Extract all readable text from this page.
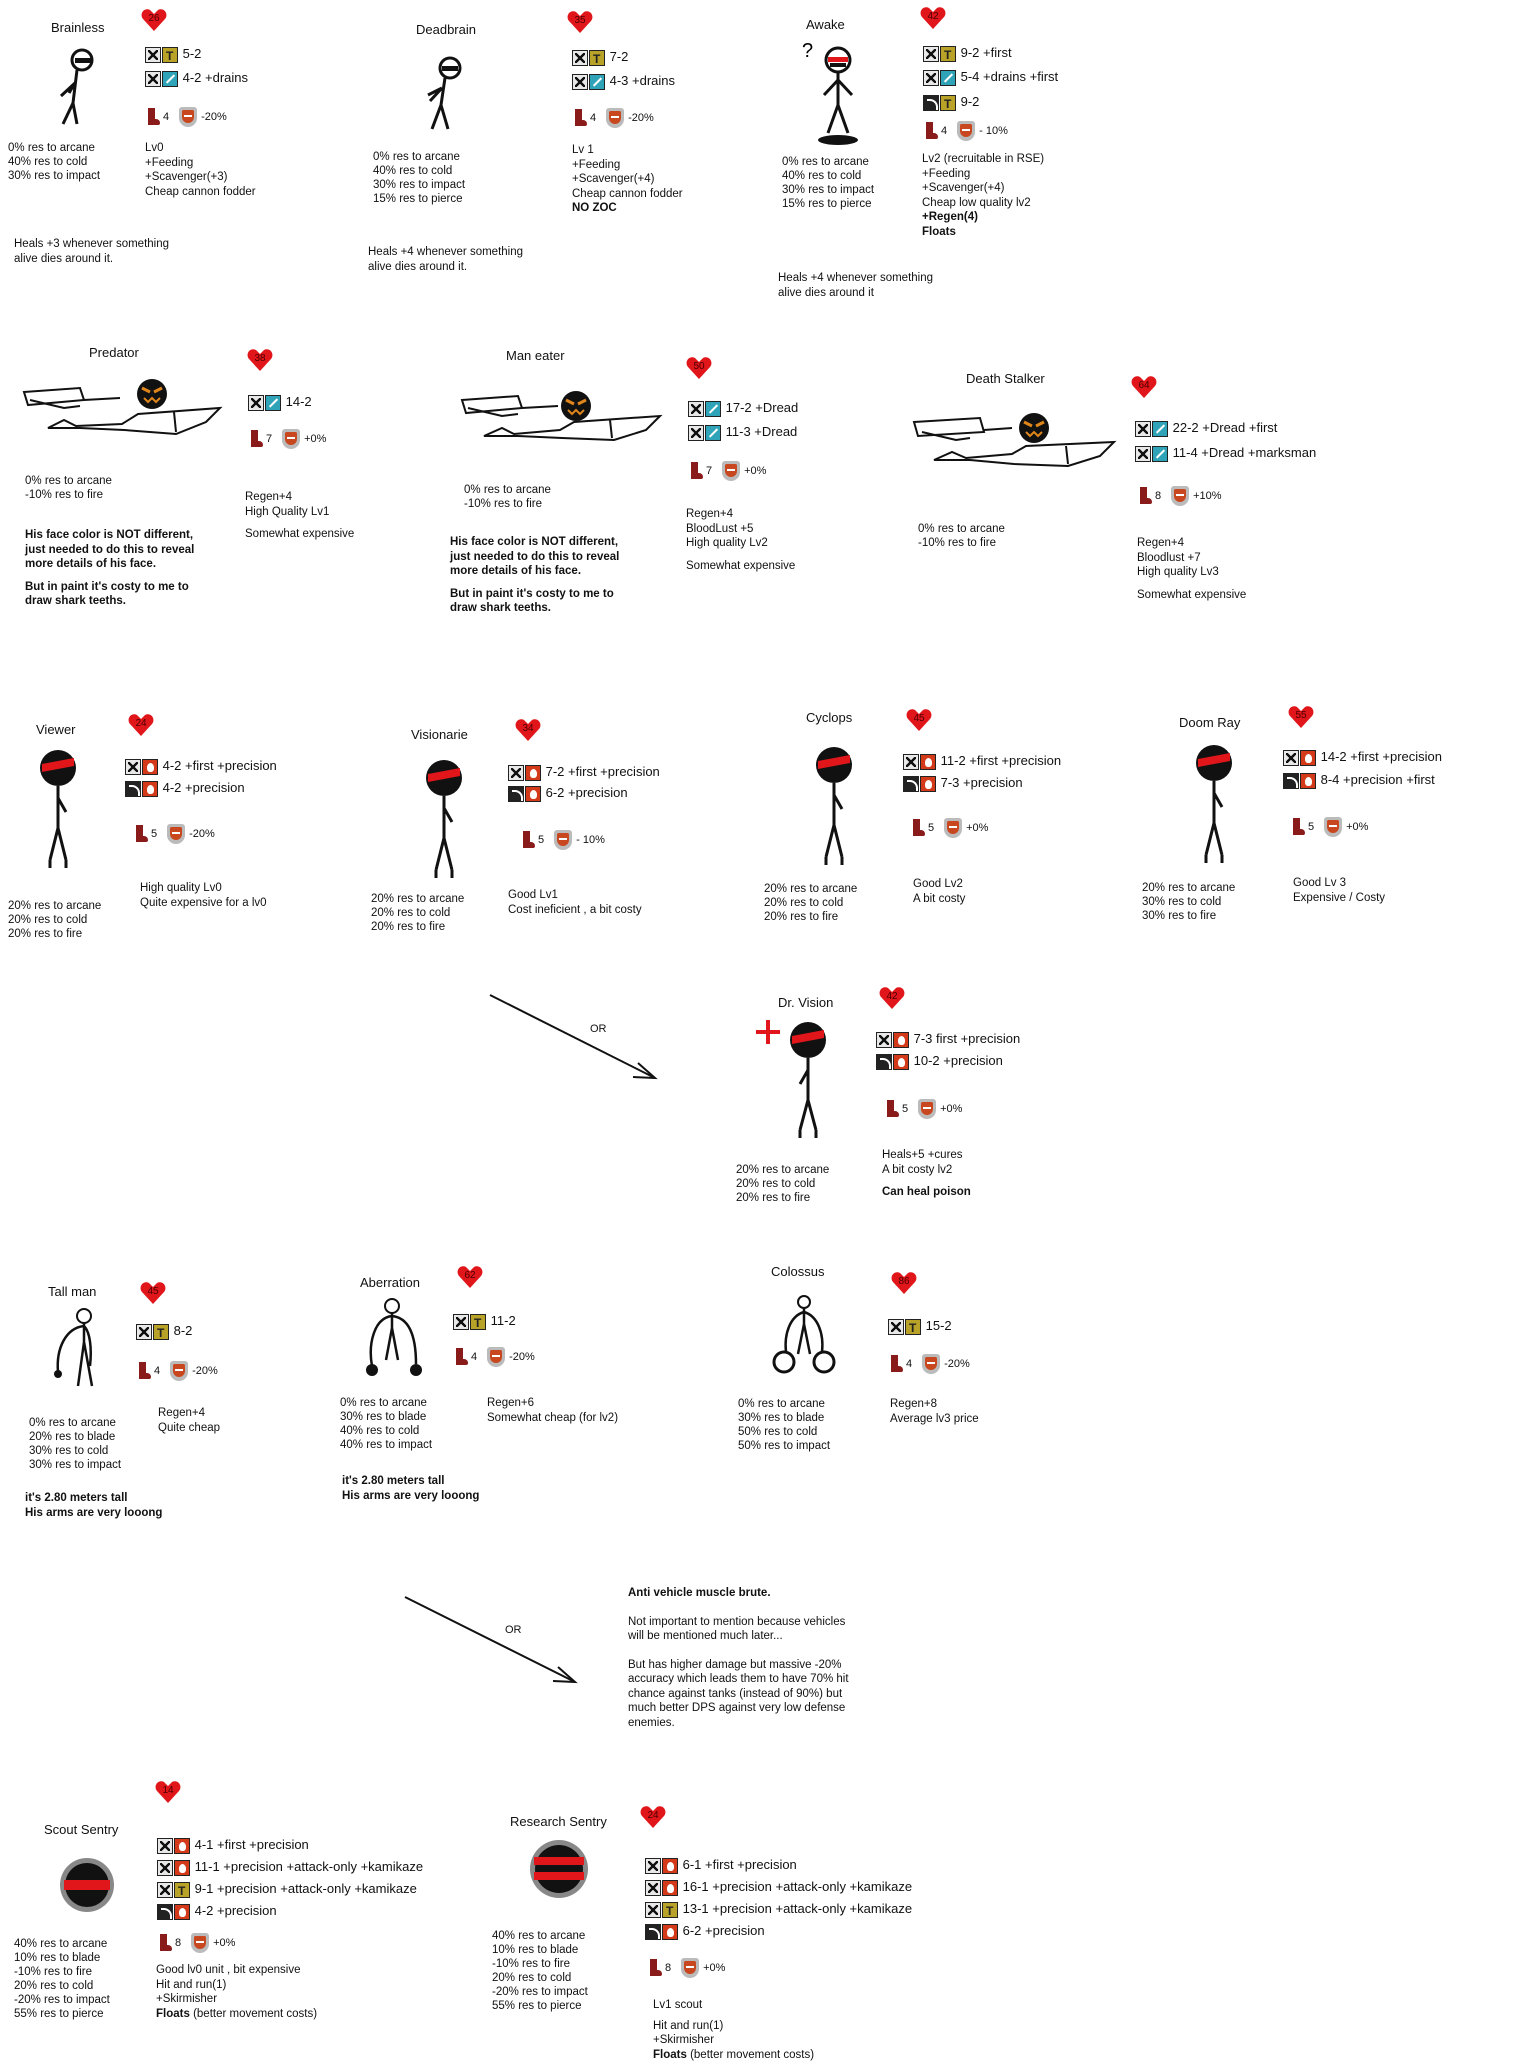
Brainless
26
T 5-2
4-2 +drains
4	-20%
0% res to arcane
40% res to cold
30% res to impact
Lv0
+Feeding
+Scavenger(+3)
Cheap cannon fodder
Heals +3 whenever something
alive dies around it.
Deadbrain
35
T 7-2
4-3 +drains
4	-20%
0% res to arcane
40% res to cold
30% res to impact
15% res to pierce
Lv 1
+Feeding
+Scavenger(+4)
Cheap cannon fodder
NO ZOC
Heals +4 whenever something
alive dies around it.
Awake
42
? T	9-2 +first
5-4 +drains +first
T 9-2
4	- 10%
0% res to arcane
40% res to cold
30% res to impact
15% res to pierce
Lv2 (recruitable in RSE)
+Feeding
+Scavenger(+4)
Cheap low quality lv2
+Regen(4)
Floats
Heals +4 whenever something
alive dies around it
Predator	38
14-2
7	+0%
0% res to arcane
-10% res to fire	Regen+4
High Quality Lv1
Somewhat expensive
His face color is NOT different,
just needed to do this to reveal
more details of his face.
But in paint it's costy to me to
draw shark teeths.
Man eater
50
17-2 +Dread
11-3 +Dread
7	+0%
0% res to arcane
-10% res to fire
Regen+4
BloodLust +5
High quality Lv2
Somewhat expensive
His face color is NOT different,
just needed to do this to reveal
more details of his face.
But in paint it's costy to me to
draw shark teeths.
Death Stalker	64
22-2 +Dread +first
11-4 +Dread +marksman
8	+10%
0% res to arcane
-10% res to fire	Regen+4
Bloodlust +7
High quality Lv3
Somewhat expensive
Viewer	24
4-2 +first +precision
4-2 +precision
5	-20%
20% res to arcane
20% res to cold
20% res to fire
High quality Lv0
Quite expensive for a lv0
Visionarie	34
7-2 +first +precision
6-2 +precision
5	- 10%
20% res to arcane
20% res to cold
20% res to fire
Good Lv1
Cost ineficient , a bit costy
Cyclops	45
11-2 +first +precision
7-3 +precision
5	+0%
20% res to arcane
20% res to cold
20% res to fire
Good Lv2
A bit costy
Doom Ray	55
14-2 +first +precision
8-4 +precision +first
5	+0%
20% res to arcane
30% res to cold
30% res to fire
Good Lv 3
Expensive / Costy
OR
Dr. Vision	42
7-3 first +precision
10-2 +precision
5	+0%
20% res to arcane
20% res to cold
20% res to fire
Heals+5 +cures
A bit costy lv2
Can heal poison
Tall man	45
T 8-2
4	-20%
0% res to arcane
20% res to blade
30% res to cold
30% res to impact
Regen+4
Quite cheap
it's 2.80 meters tall
His arms are very looong
Aberration	62
T 11-2
4	-20%
0% res to arcane
30% res to blade
40% res to cold
40% res to impact
Regen+6
Somewhat cheap (for lv2)
it's 2.80 meters tall
His arms are very looong
Colossus
86
T 15-2
4	-20%
0% res to arcane
30% res to blade
50% res to cold
50% res to impact
Regen+8
Average lv3 price
OR
Anti vehicle muscle brute.
Not important to mention because vehicles
will be mentioned much later...
But has higher damage but massive -20%
accuracy which leads them to have 70% hit
chance against tanks (instead of 90%) but
much better DPS against very low defense
enemies.
Scout Sentry
14
4-1 +first +precision
11-1 +precision +attack-only +kamikaze
T 9-1 +precision +attack-only +kamikaze
4-2 +precision
8	+0%
40% res to arcane
10% res to blade
-10% res to fire
20% res to cold
-20% res to impact
55% res to pierce
Good lv0 unit , bit expensive
Hit and run(1)
+Skirmisher
Floats (better movement costs)
Research Sentry	24
6-1 +first +precision
16-1 +precision +attack-only +kamikaze
T 13-1 +precision +attack-only +kamikaze
6-2 +precision
8	+0%
40% res to arcane
10% res to blade
-10% res to fire
20% res to cold
-20% res to impact
55% res to pierce	Lv1 scout
Hit and run(1)
+Skirmisher
Floats (better movement costs)
